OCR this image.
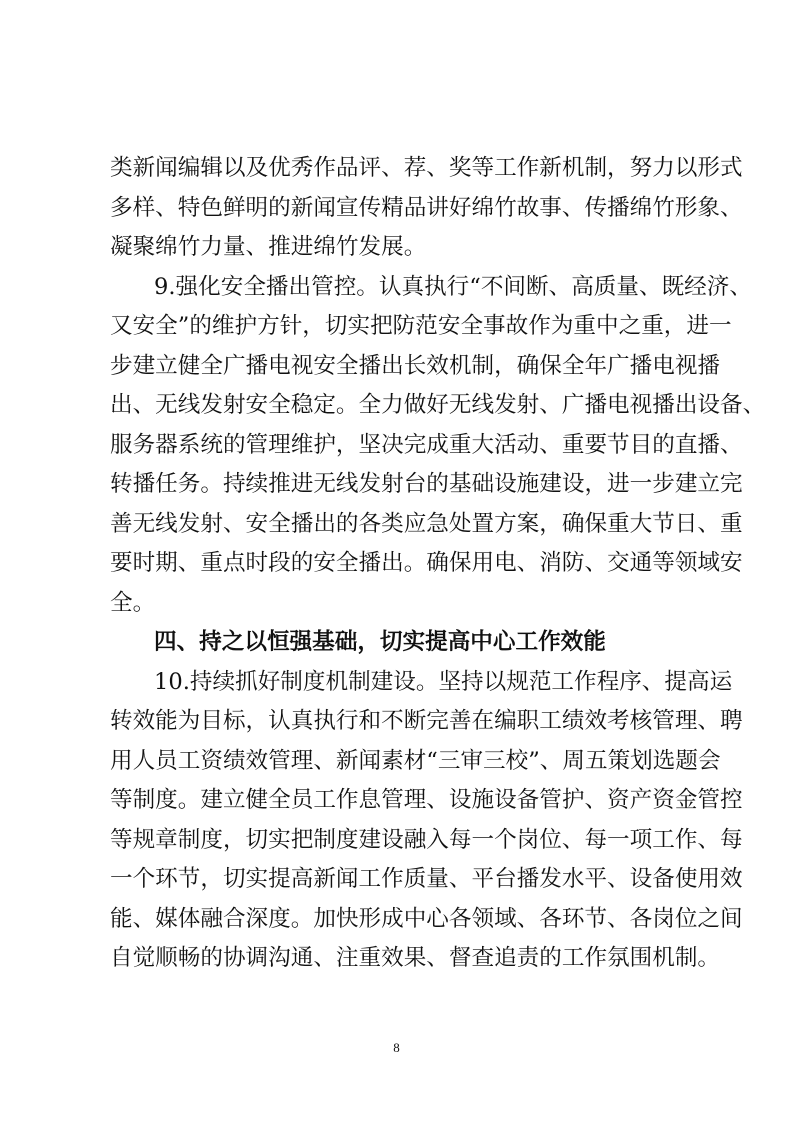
类新闻编辑以及优秀作品评、荐、奖等工作新机制，努力以形式
多样、特色鲜明的新闻宣传精品讲好绵竹故事、传播绵竹形象、
凝聚绵竹力量、推进绵竹发展。
9.强化安全播出管控。认真执行“不间断、高质量、既经济、
又安全”的维护方针，切实把防范安全事故作为重中之重，进一
步建立健全广播电视安全播出长效机制，确保全年广播电视播
出、无线发射安全稳定。全力做好无线发射、广播电视播出设备、
服务器系统的管理维护，坚决完成重大活动、重要节目的直播、
转播任务。持续推进无线发射台的基础设施建设，进一步建立完
善无线发射、安全播出的各类应急处置方案，确保重大节日、重
要时期、重点时段的安全播出。确保用电、消防、交通等领域安
全。
四、持之以恒强基础，切实提高中心工作效能
10.持续抓好制度机制建设。坚持以规范工作程序、提高运
转效能为目标，认真执行和不断完善在编职工绩效考核管理、聘
用人员工资绩效管理、新闻素材“三审三校”、周五策划选题会
等制度。建立健全员工作息管理、设施设备管护、资产资金管控
等规章制度，切实把制度建设融入每一个岗位、每一项工作、每
一个环节，切实提高新闻工作质量、平台播发水平、设备使用效
能、媒体融合深度。加快形成中心各领域、各环节、各岗位之间
自觉顺畅的协调沟通、注重效果、督查追责的工作氛围机制。
8
